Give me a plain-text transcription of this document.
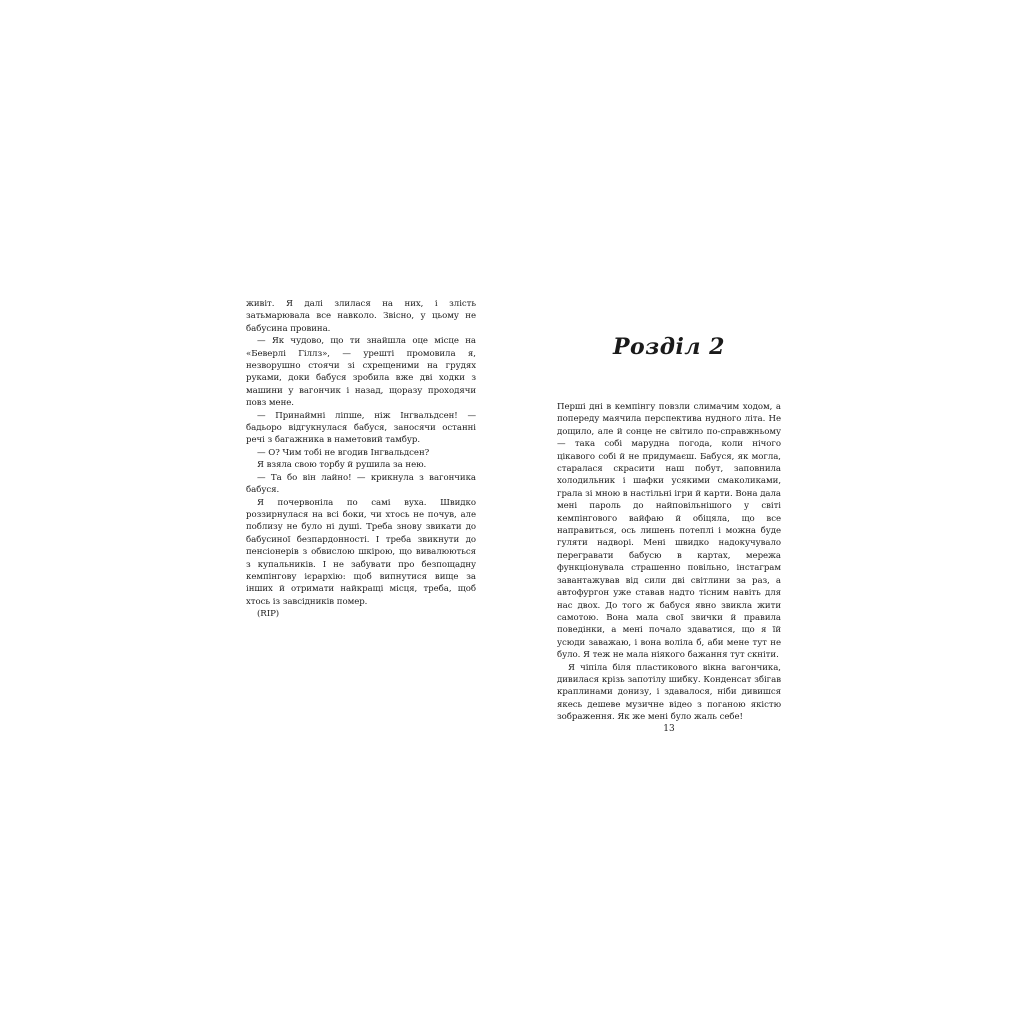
живіт. Я далі злилася на них, і злість затьмарювала все навколо. Звісно, у цьому не бабусина провина.

— Як чудово, що ти знайшла оце місце на «Беверлі Гіллз», — урешті промовила я, незворушно стоячи зі схрещеними на грудях руками, доки бабуся зробила вже дві ходки з машини у вагончик і назад, щоразу проходячи повз мене.

— Принаймні ліпше, ніж Інгвальдсен! — бадьоро відгукнулася бабуся, заносячи останні речі з багажника в наметовий тамбур.

— О? Чим тобі не вгодив Інгвальдсен?

Я взяла свою торбу й рушила за нею.

— Та бо він лайно! — крикнула з вагончика бабуся.

Я почервоніла по самі вуха. Швидко роззирнулася на всі боки, чи хтось не почув, але поблизу не було ні душі. Треба знову звикати до бабусиної безпардонності. І треба звикнути до пенсіонерів з обвислою шкірою, що вивалюються з купальників. І не забувати про безпощадну кемпінгову ієрархію: щоб випнутися вище за інших й отримати найкращі місця, треба, щоб хтось із завсідників помер.

(RIP)

Розділ 2

Перші дні в кемпінгу повзли слимачим ходом, а попереду маячила перспектива нудного літа. Не дощило, але й сонце не світило по-справжньому — така собі марудна погода, коли нічого цікавого собі й не придумаєш. Бабуся, як могла, старалася скрасити наш побут, заповнила холодильник і шафки усякими смаколиками, грала зі мною в настільні ігри й карти. Вона дала мені пароль до найповільнішого у світі кемпінгового вайфаю й обіцяла, що все направиться, ось лишень потеплі і можна буде гуляти надворі. Мені швидко надокучувало перегравати бабусю в картах, мережа функціонувала страшенно повільно, інстаграм завантажував від сили дві світлини за раз, а автофургон уже ставав надто тісним навіть для нас двох. До того ж бабуся явно звикла жити самотою. Вона мала свої звички й правила поведінки, а мені почало здаватися, що я їй усюди заважаю, і вона воліла б, аби мене тут не було. Я теж не мала ніякого бажання тут скніти.

Я чіпіла біля пластикового вікна вагончика, дивилася крізь запотілу шибку. Конденсат збігав краплинами донизу, і здавалося, ніби дивишся якесь дешеве музичне відео з поганою якістю зображення. Як же мені було жаль себе!

13
